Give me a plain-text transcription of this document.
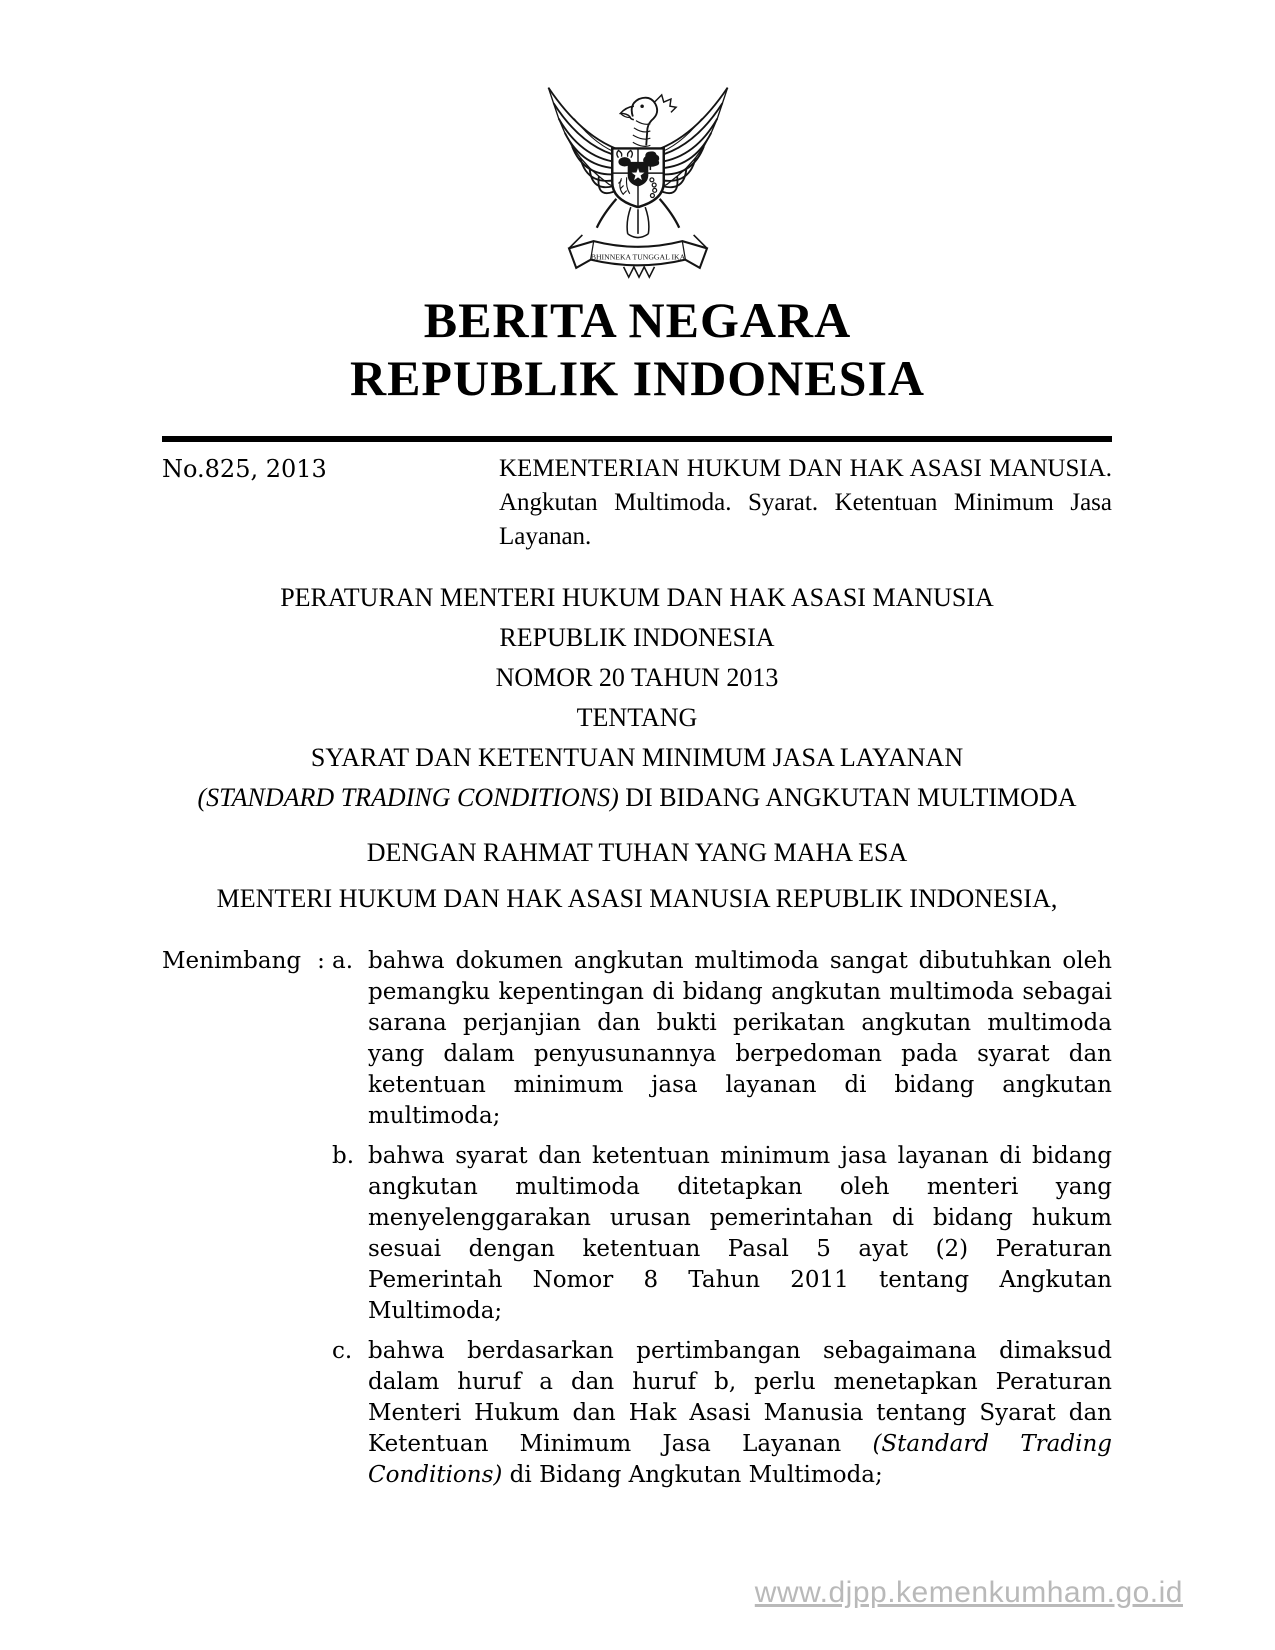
BHINNEKA TUNGGAL IKA
BERITA NEGARA
REPUBLIK INDONESIA
No.825, 2013	KEMENTERIAN HUKUM DAN HAK ASASI MANUSIA. Angkutan Multimoda. Syarat. Ketentuan Minimum Jasa Layanan.
PERATURAN MENTERI HUKUM DAN HAK ASASI MANUSIA
REPUBLIK INDONESIA
NOMOR 20 TAHUN 2013
TENTANG
SYARAT DAN KETENTUAN MINIMUM JASA LAYANAN
(STANDARD TRADING CONDITIONS) DI BIDANG ANGKUTAN MULTIMODA
DENGAN RAHMAT TUHAN YANG MAHA ESA
MENTERI HUKUM DAN HAK ASASI MANUSIA REPUBLIK INDONESIA,
Menimbang : a. bahwa dokumen angkutan multimoda sangat dibutuhkan oleh pemangku kepentingan di bidang angkutan multimoda sebagai sarana perjanjian dan bukti perikatan angkutan multimoda yang dalam penyusunannya berpedoman pada syarat dan ketentuan minimum jasa layanan di bidang angkutan multimoda;
b. bahwa syarat dan ketentuan minimum jasa layanan di bidang angkutan multimoda ditetapkan oleh menteri yang menyelenggarakan urusan pemerintahan di bidang hukum sesuai dengan ketentuan Pasal 5 ayat (2) Peraturan Pemerintah Nomor 8 Tahun 2011 tentang Angkutan Multimoda;
c. bahwa berdasarkan pertimbangan sebagaimana dimaksud dalam huruf a dan huruf b, perlu menetapkan Peraturan Menteri Hukum dan Hak Asasi Manusia tentang Syarat dan Ketentuan Minimum Jasa Layanan (Standard Trading Conditions) di Bidang Angkutan Multimoda;
www.djpp.kemenkumham.go.id
